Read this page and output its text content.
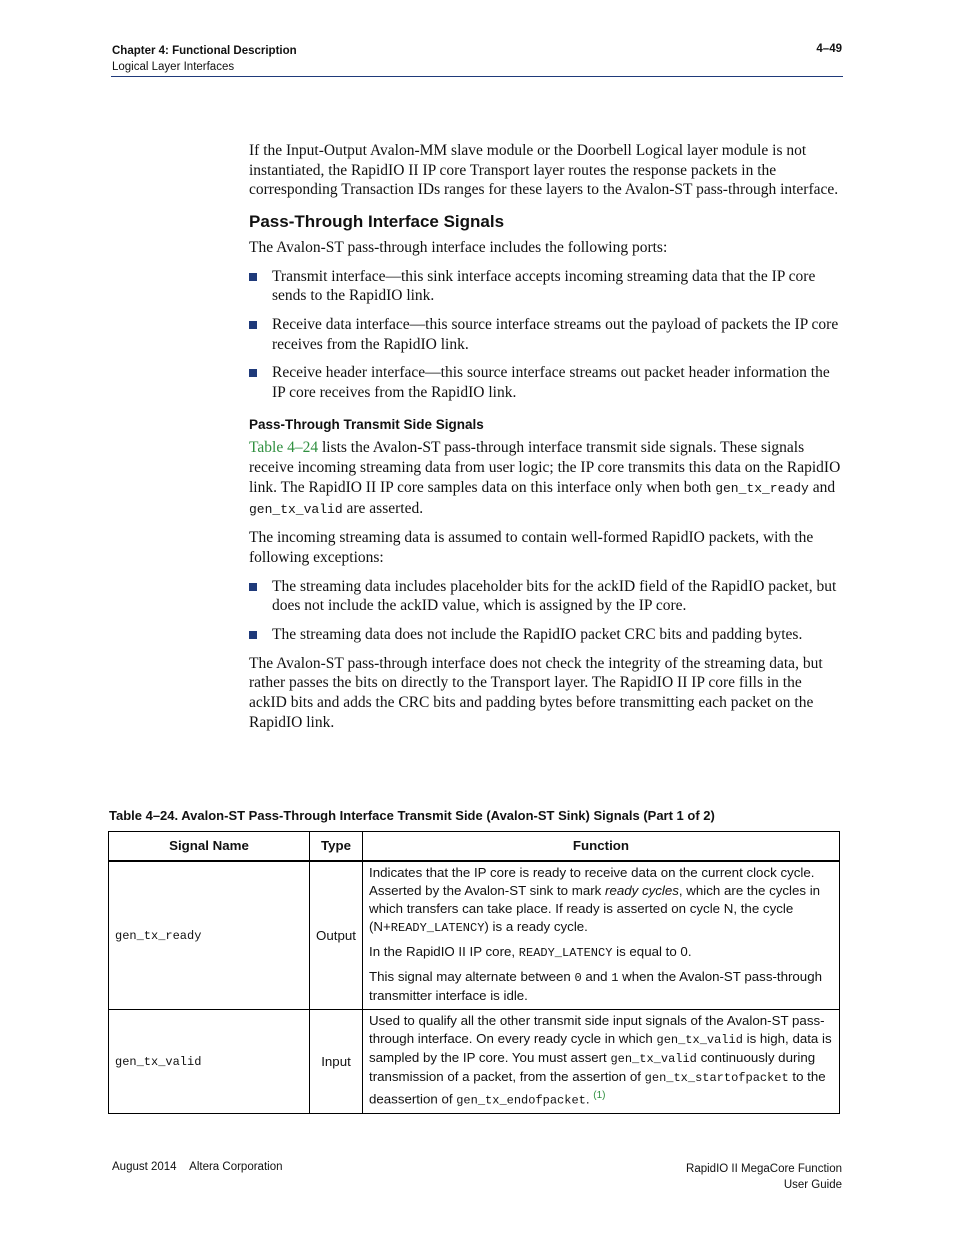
Chapter 4: Functional Description
Logical Layer Interfaces
4–49

If the Input-Output Avalon-MM slave module or the Doorbell Logical layer module is not instantiated, the RapidIO II IP core Transport layer routes the response packets in the corresponding Transaction IDs ranges for these layers to the Avalon-ST pass-through interface.

Pass-Through Interface Signals

The Avalon-ST pass-through interface includes the following ports:

Transmit interface—this sink interface accepts incoming streaming data that the IP core sends to the RapidIO link.
Receive data interface—this source interface streams out the payload of packets the IP core receives from the RapidIO link.
Receive header interface—this source interface streams out packet header information the IP core receives from the RapidIO link.

Pass-Through Transmit Side Signals

Table 4–24 lists the Avalon-ST pass-through interface transmit side signals. These signals receive incoming streaming data from user logic; the IP core transmits this data on the RapidIO link. The RapidIO II IP core samples data on this interface only when both gen_tx_ready and gen_tx_valid are asserted.

The incoming streaming data is assumed to contain well-formed RapidIO packets, with the following exceptions:

The streaming data includes placeholder bits for the ackID field of the RapidIO packet, but does not include the ackID value, which is assigned by the IP core.
The streaming data does not include the RapidIO packet CRC bits and padding bytes.

The Avalon-ST pass-through interface does not check the integrity of the streaming data, but rather passes the bits on directly to the Transport layer. The RapidIO II IP core fills in the ackID bits and adds the CRC bits and padding bytes before transmitting each packet on the RapidIO link.

Table 4–24. Avalon-ST Pass-Through Interface Transmit Side (Avalon-ST Sink) Signals (Part 1 of 2)
Signal Name	Type	Function
gen_tx_ready	Output	Indicates that the IP core is ready to receive data on the current clock cycle. Asserted by the Avalon-ST sink to mark ready cycles, which are the cycles in which transfers can take place. If ready is asserted on cycle N, the cycle (N+READY_LATENCY) is a ready cycle.

In the RapidIO II IP core, READY_LATENCY is equal to 0.

This signal may alternate between 0 and 1 when the Avalon-ST pass-through transmitter interface is idle.

gen_tx_valid	Input	Used to qualify all the other transmit side input signals of the Avalon-ST pass-through interface. On every ready cycle in which gen_tx_valid is high, data is sampled by the IP core. You must assert gen_tx_valid continuously during transmission of a packet, from the assertion of gen_tx_startofpacket to the deassertion of gen_tx_endofpacket. $^{(1)}$

August 2014 Altera Corporation	RapidIO II MegaCore Function
User Guide
